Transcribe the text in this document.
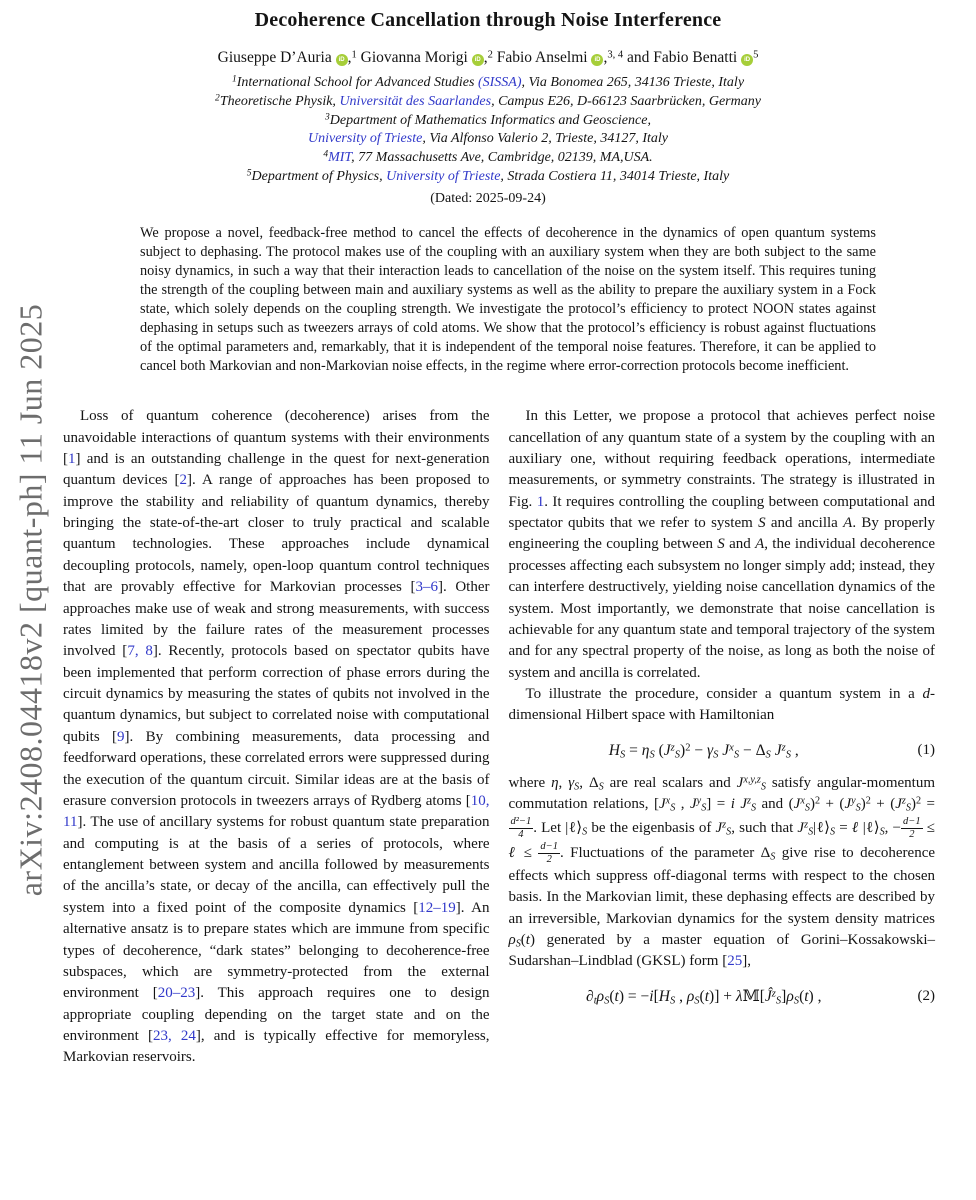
arXiv:2408.04418v2 [quant-ph] 11 Jun 2025
Decoherence Cancellation through Noise Interference
Giuseppe D’Auria iD ,$^1$ Giovanna Morigi iD ,$^2$ Fabio Anselmi iD ,$^{3, 4}$ and Fabio Benatti iD $^5$
$^1$International School for Advanced Studies (SISSA), Via Bonomea 265, 34136 Trieste, Italy
$^2$Theoretische Physik, Universität des Saarlandes, Campus E26, D-66123 Saarbrücken, Germany
$^3$Department of Mathematics Informatics and Geoscience,
University of Trieste, Via Alfonso Valerio 2, Trieste, 34127, Italy
$^4$MIT, 77 Massachusetts Ave, Cambridge, 02139, MA,USA.
$^5$Department of Physics, University of Trieste, Strada Costiera 11, 34014 Trieste, Italy
(Dated: 2025-09-24)
We propose a novel, feedback-free method to cancel the effects of decoherence in the dynamics of open quantum systems subject to dephasing. The protocol makes use of the coupling with an auxiliary system when they are both subject to the same noisy dynamics, in such a way that their interaction leads to cancellation of the noise on the system itself. This requires tuning the strength of the coupling between main and auxiliary systems as well as the ability to prepare the auxiliary system in a Fock state, which solely depends on the coupling strength. We investigate the protocol’s efficiency to protect NOON states against dephasing in setups such as tweezers arrays of cold atoms. We show that the protocol’s efficiency is robust against fluctuations of the optimal parameters and, remarkably, that it is independent of the temporal noise features. Therefore, it can be applied to cancel both Markovian and non-Markovian noise effects, in the regime where error-correction protocols become inefficient.

Loss of quantum coherence (decoherence) arises from the unavoidable interactions of quantum systems with their environments [1] and is an outstanding challenge in the quest for next-generation quantum devices [2]. A range of approaches has been proposed to improve the stability and reliability of quantum dynamics, thereby bringing the state-of-the-art closer to truly practical and scalable quantum technologies. These approaches include dynamical decoupling protocols, namely, open-loop quantum control techniques that are provably effective for Markovian processes [3–6]. Other approaches make use of weak and strong measurements, with success rates limited by the failure rates of the measurement processes involved [7, 8]. Recently, protocols based on spectator qubits have been implemented that perform correction of phase errors during the circuit dynamics by measuring the states of qubits not involved in the quantum dynamics, but subject to correlated noise with computational qubits [9]. By combining measurements, data processing and feedforward operations, these correlated errors were suppressed during the execution of the quantum circuit. Similar ideas are at the basis of erasure conversion protocols in tweezers arrays of Rydberg atoms [10, 11]. The use of ancillary systems for robust quantum state preparation and computing is at the basis of a series of protocols, where entanglement between system and ancilla followed by measurements of the ancilla’s state, or decay of the ancilla, can effectively pull the system into a fixed point of the composite dynamics [12–19]. An alternative ansatz is to prepare states which are immune from specific types of decoherence, “dark states” belonging to decoherence-free subspaces, which are symmetry-protected from the external environment [20–23]. This approach requires one to design appropriate coupling depending on the target state and on the environment [23, 24], and is typically effective for memoryless, Markovian reservoirs.

In this Letter, we propose a protocol that achieves perfect noise cancellation of any quantum state of a system by the coupling with an auxiliary one, without requiring feedback operations, intermediate measurements, or symmetry constraints. The strategy is illustrated in Fig. 1. It requires controlling the coupling between computational and spectator qubits that we refer to system S and ancilla A. By properly engineering the coupling between S and A, the individual decoherence processes affecting each subsystem no longer simply add; instead, they can interfere destructively, yielding noise cancellation dynamics of the system. Most importantly, we demonstrate that noise cancellation is achievable for any quantum state and temporal trajectory of the system and for any spectral property of the noise, as long as both the noise of system and ancilla is correlated.

To illustrate the procedure, consider a quantum system in a d-dimensional Hilbert space with Hamiltonian

$H_S = \eta_S$ $(J^z_S)^2 - \gamma_S$ $J^x_S - \Delta_S$ $J^z_S$ ,	(1)

where η, $\gamma_S$, $\Delta_S$ are real scalars and J$^{x,y,z}_S$ satisfy angular-momentum commutation relations, [$J^x_S$ , $J^y_S] = i$ $J^z_S$ and $(J^x_S)^2 + (J^y_S)^2 + (J^z_S)^2$ =
$\frac{\text{d²−1}}{4}$ . Let $|\ell⟩_S$ be the eigenbasis of $J^z_S$, such that $J^z_S|\ell⟩_S$ = ℓ $|\ell⟩_S$, − $\frac{d-1}{2}$ ≤ ℓ ≤ $\frac{d-1}{2}$ . Fluctuations of the parameter $\Delta_S$ give rise to decoherence effects which suppress off-diagonal terms with respect to the chosen basis. In the Markovian limit, these dephasing effects are described by an irreversible, Markovian dynamics for the system density matrices $\rho_S(t)$ generated by a master equation of Gorini–Kossakowski–Sudarshan–Lindblad (GKSL) form [25],

$\partial_t\rho_S(t) = -i[H_S$ , $\rho_S(t)$] + $\lambda 𝕄[Ĵ^z_S]\rho_S(t)$ ,	(2)
